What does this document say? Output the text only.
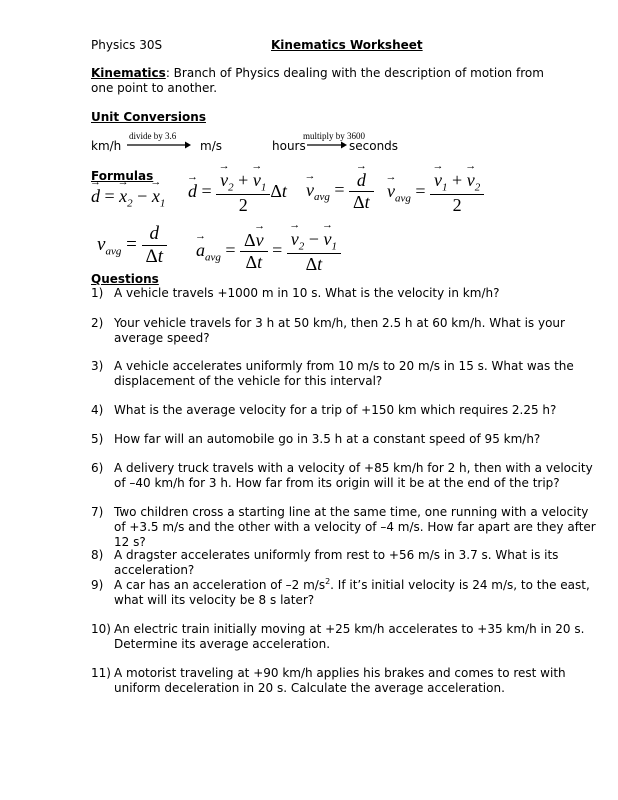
Physics 30S	Kinematics Worksheet
Kinematics: Branch of Physics dealing with the description of motion from one point to another.
Unit Conversions
km/h
divide by 3.6
m/s	hours
multiply by 3600
seconds
Formulas
→ d = → $x_2$ − → $x_1$
→ d =
→ $\frac{v_2 + \to v_1}{2}$ Δt
→ $v_{avg}$ =
→ $\frac{d}{\Delta t}$
→ $v_{avg}$ =
→ $\frac{v_1 + \to v_2}{2}$
$v_{avg} = \frac{d}{\Delta t}$
→ $a_{avg} = \frac{\Delta\to v}{\Delta t}$ =
→ $\frac{v_2 - \to v_1}{\Delta t}$
Questions
1) A vehicle travels +1000 m in 10 s. What is the velocity in km/h?
2) Your vehicle travels for 3 h at 50 km/h, then 2.5 h at 60 km/h. What is your average speed?
3) A vehicle accelerates uniformly from 10 m/s to 20 m/s in 15 s. What was the displacement of the vehicle for this interval?
4) What is the average velocity for a trip of +150 km which requires 2.25 h?
5) How far will an automobile go in 3.5 h at a constant speed of 95 km/h?
6) A delivery truck travels with a velocity of +85 km/h for 2 h, then with a velocity of –40 km/h for 3 h. How far from its origin will it be at the end of the trip?
7) Two children cross a starting line at the same time, one running with a velocity of +3.5 m/s and the other with a velocity of –4 m/s. How far apart are they after 12 s?
8) A dragster accelerates uniformly from rest to +56 m/s in 3.7 s. What is its acceleration?
9) A car has an acceleration of –2 $m/s^2$. If it’s initial velocity is 24 m/s, to the east, what will its velocity be 8 s later?
10) An electric train initially moving at +25 km/h accelerates to +35 km/h in 20 s. Determine its average acceleration.
11) A motorist traveling at +90 km/h applies his brakes and comes to rest with uniform deceleration in 20 s. Calculate the average acceleration.
